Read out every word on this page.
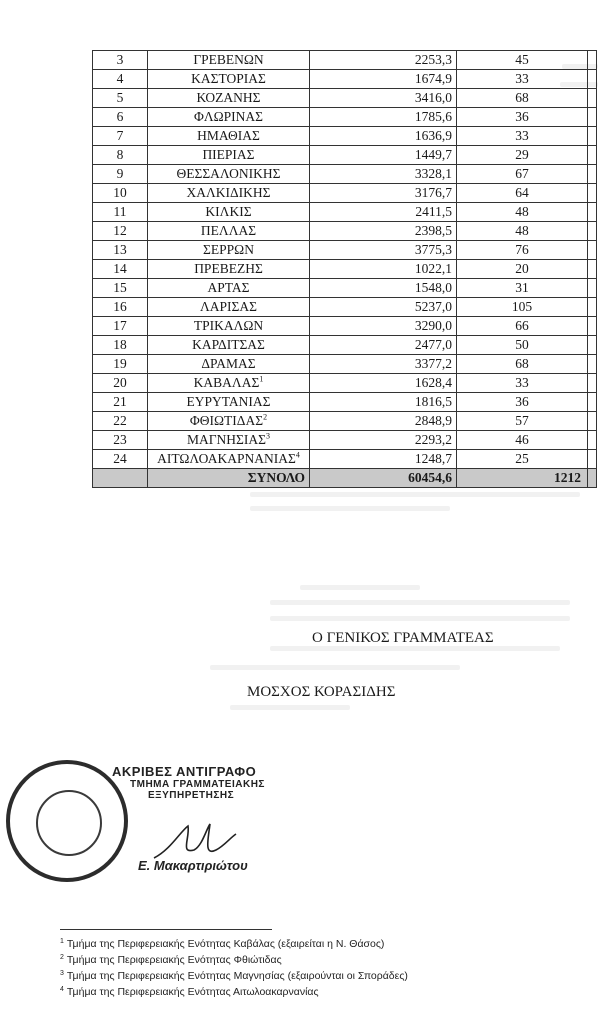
3	ΓΡΕΒΕΝΩΝ	2253,3	45	
4	ΚΑΣΤΟΡΙΑΣ	1674,9	33	
5	ΚΟΖΑΝΗΣ	3416,0	68	
6	ΦΛΩΡΙΝΑΣ	1785,6	36	
7	ΗΜΑΘΙΑΣ	1636,9	33	
8	ΠΙΕΡΙΑΣ	1449,7	29	
9	ΘΕΣΣΑΛΟΝΙΚΗΣ	3328,1	67	
10	ΧΑΛΚΙΔΙΚΗΣ	3176,7	64	
11	ΚΙΛΚΙΣ	2411,5	48	
12	ΠΕΛΛΑΣ	2398,5	48	
13	ΣΕΡΡΩΝ	3775,3	76	
14	ΠΡΕΒΕΖΗΣ	1022,1	20	
15	ΑΡΤΑΣ	1548,0	31	
16	ΛΑΡΙΣΑΣ	5237,0	105	
17	ΤΡΙΚΑΛΩΝ	3290,0	66	
18	ΚΑΡΔΙΤΣΑΣ	2477,0	50	
19	ΔΡΑΜΑΣ	3377,2	68	
20	ΚΑΒΑΛΑΣ$^1$	1628,4	33	
21	ΕΥΡΥΤΑΝΙΑΣ	1816,5	36	
22	ΦΘΙΩΤΙΔΑΣ$^2$	2848,9	57	
23	ΜΑΓΝΗΣΙΑΣ$^3$	2293,2	46	
24	ΑΙΤΩΛΟΑΚΑΡΝΑΝΙΑΣ$^4$	1248,7	25	
	ΣΥΝΟΛΟ	60454,6	1212	
Ο ΓΕΝΙΚΟΣ ΓΡΑΜΜΑΤΕΑΣ
ΜΟΣΧΟΣ ΚΟΡΑΣΙΔΗΣ
ΑΚΡΙΒΕΣ ΑΝΤΙΓΡΑΦΟ
ΤΜΗΜΑ ΓΡΑΜΜΑΤΕΙΑΚΗΣ
ΕΞΥΠΗΡΕΤΗΣΗΣ
Ε. Μακαρτιριώτου
$^1$ Τμήμα της Περιφερειακής Ενότητας Καβάλας (εξαιρείται η Ν. Θάσος)
$^2$ Τμήμα της Περιφερειακής Ενότητας Φθιώτιδας
$^3$ Τμήμα της Περιφερειακής Ενότητας Μαγνησίας (εξαιρούνται οι Σποράδες)
$^4$ Τμήμα της Περιφερειακής Ενότητας Αιτωλοακαρνανίας
